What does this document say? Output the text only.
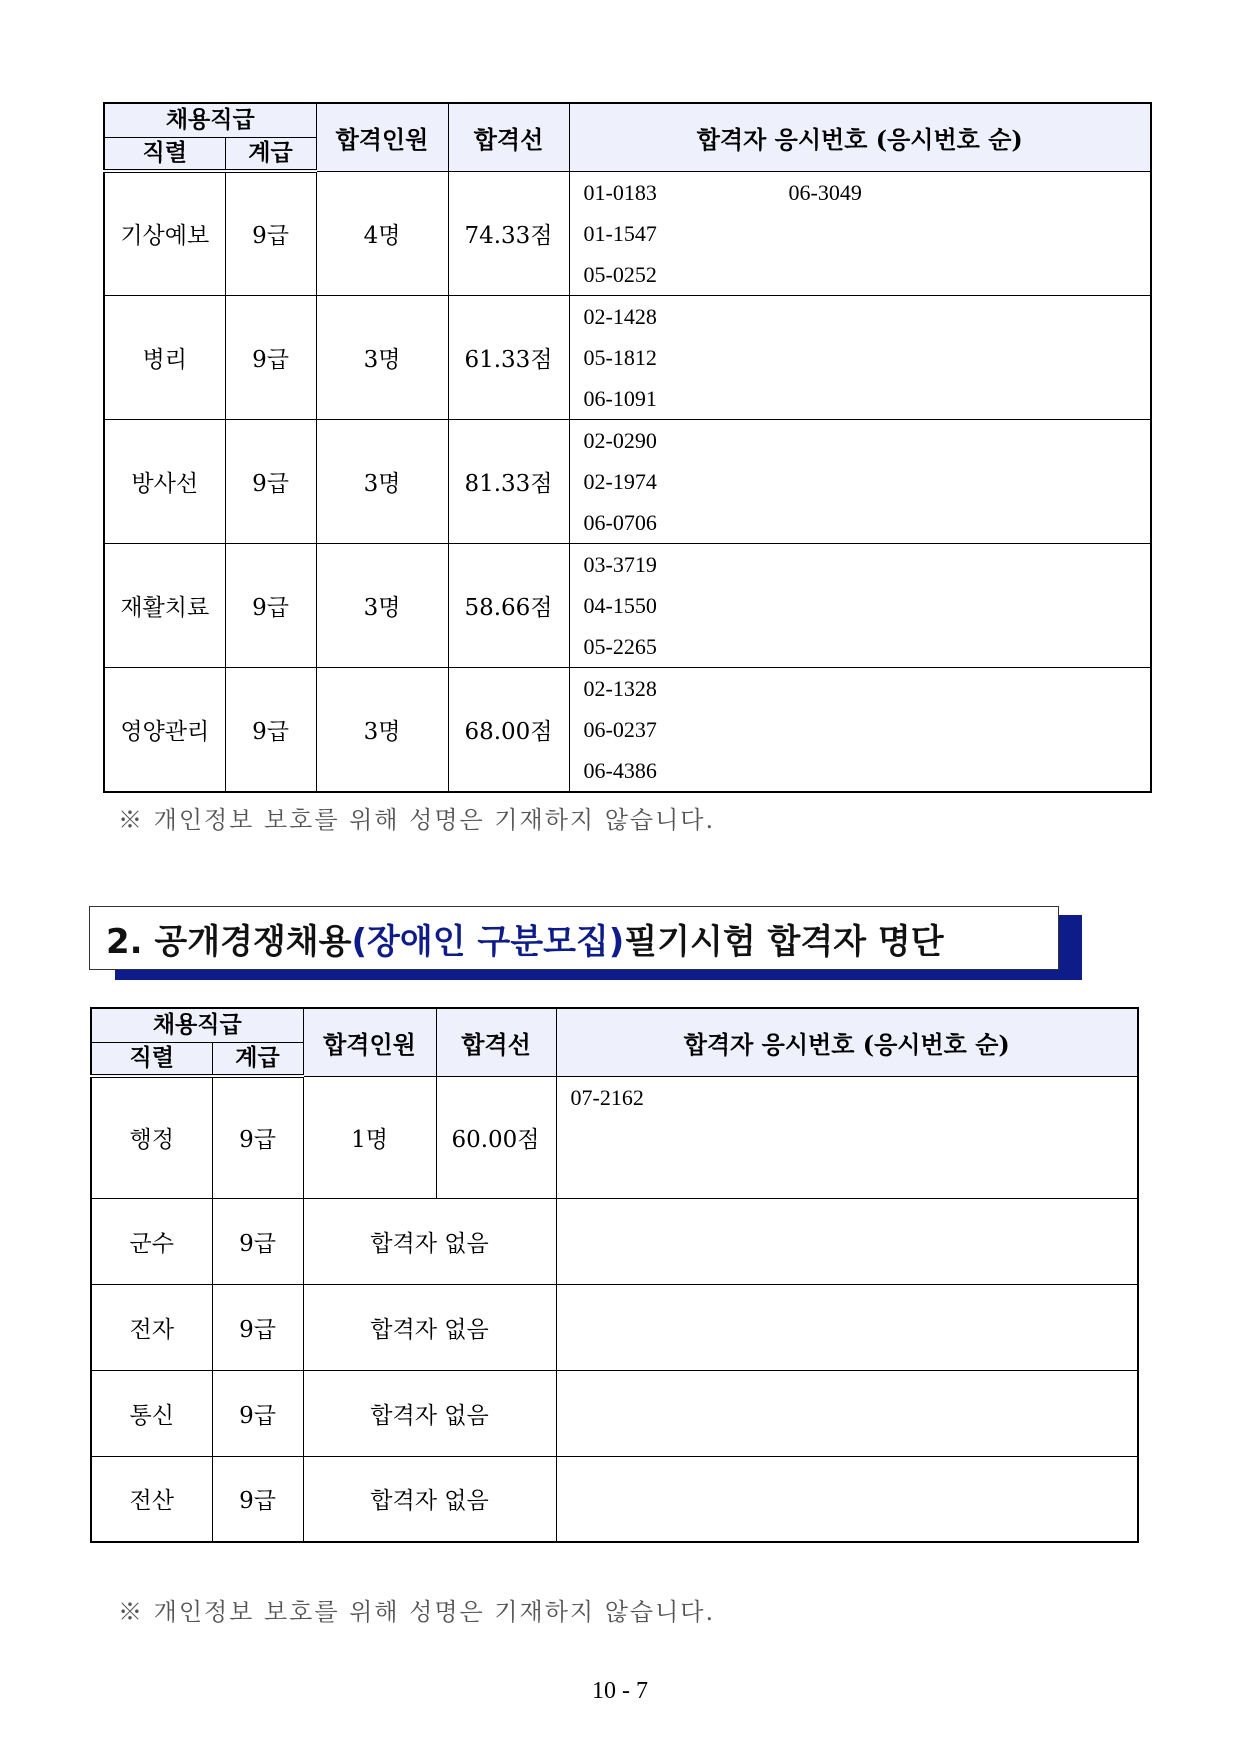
채용직급		합격인원	합격선	합격자 응시번호 (응시번호 순)
직렬	계급			
기상예보	9급	4명	74.33점	01-0183 06-3049
01-1547
05-0252

병리	9급	3명	61.33점	02-1428
05-1812
06-1091

방사선	9급	3명	81.33점	02-0290
02-1974
06-0706

재활치료	9급	3명	58.66점	03-3719
04-1550
05-2265

영양관리	9급	3명	68.00점	02-1328
06-0237
06-4386
※ 개인정보 보호를 위해 성명은 기재하지 않습니다.
2. 공개경쟁채용 (장애인 구분모집) 필기시험 합격자 명단
채용직급		합격인원	합격선	합격자 응시번호 (응시번호 순)
직렬	계급			
행정	9급	1명	60.00점	07-2162

군수	9급	합격자 없음		
전자	9급	합격자 없음		
통신	9급	합격자 없음		
전산	9급	합격자 없음		
※ 개인정보 보호를 위해 성명은 기재하지 않습니다.
10 - 7
